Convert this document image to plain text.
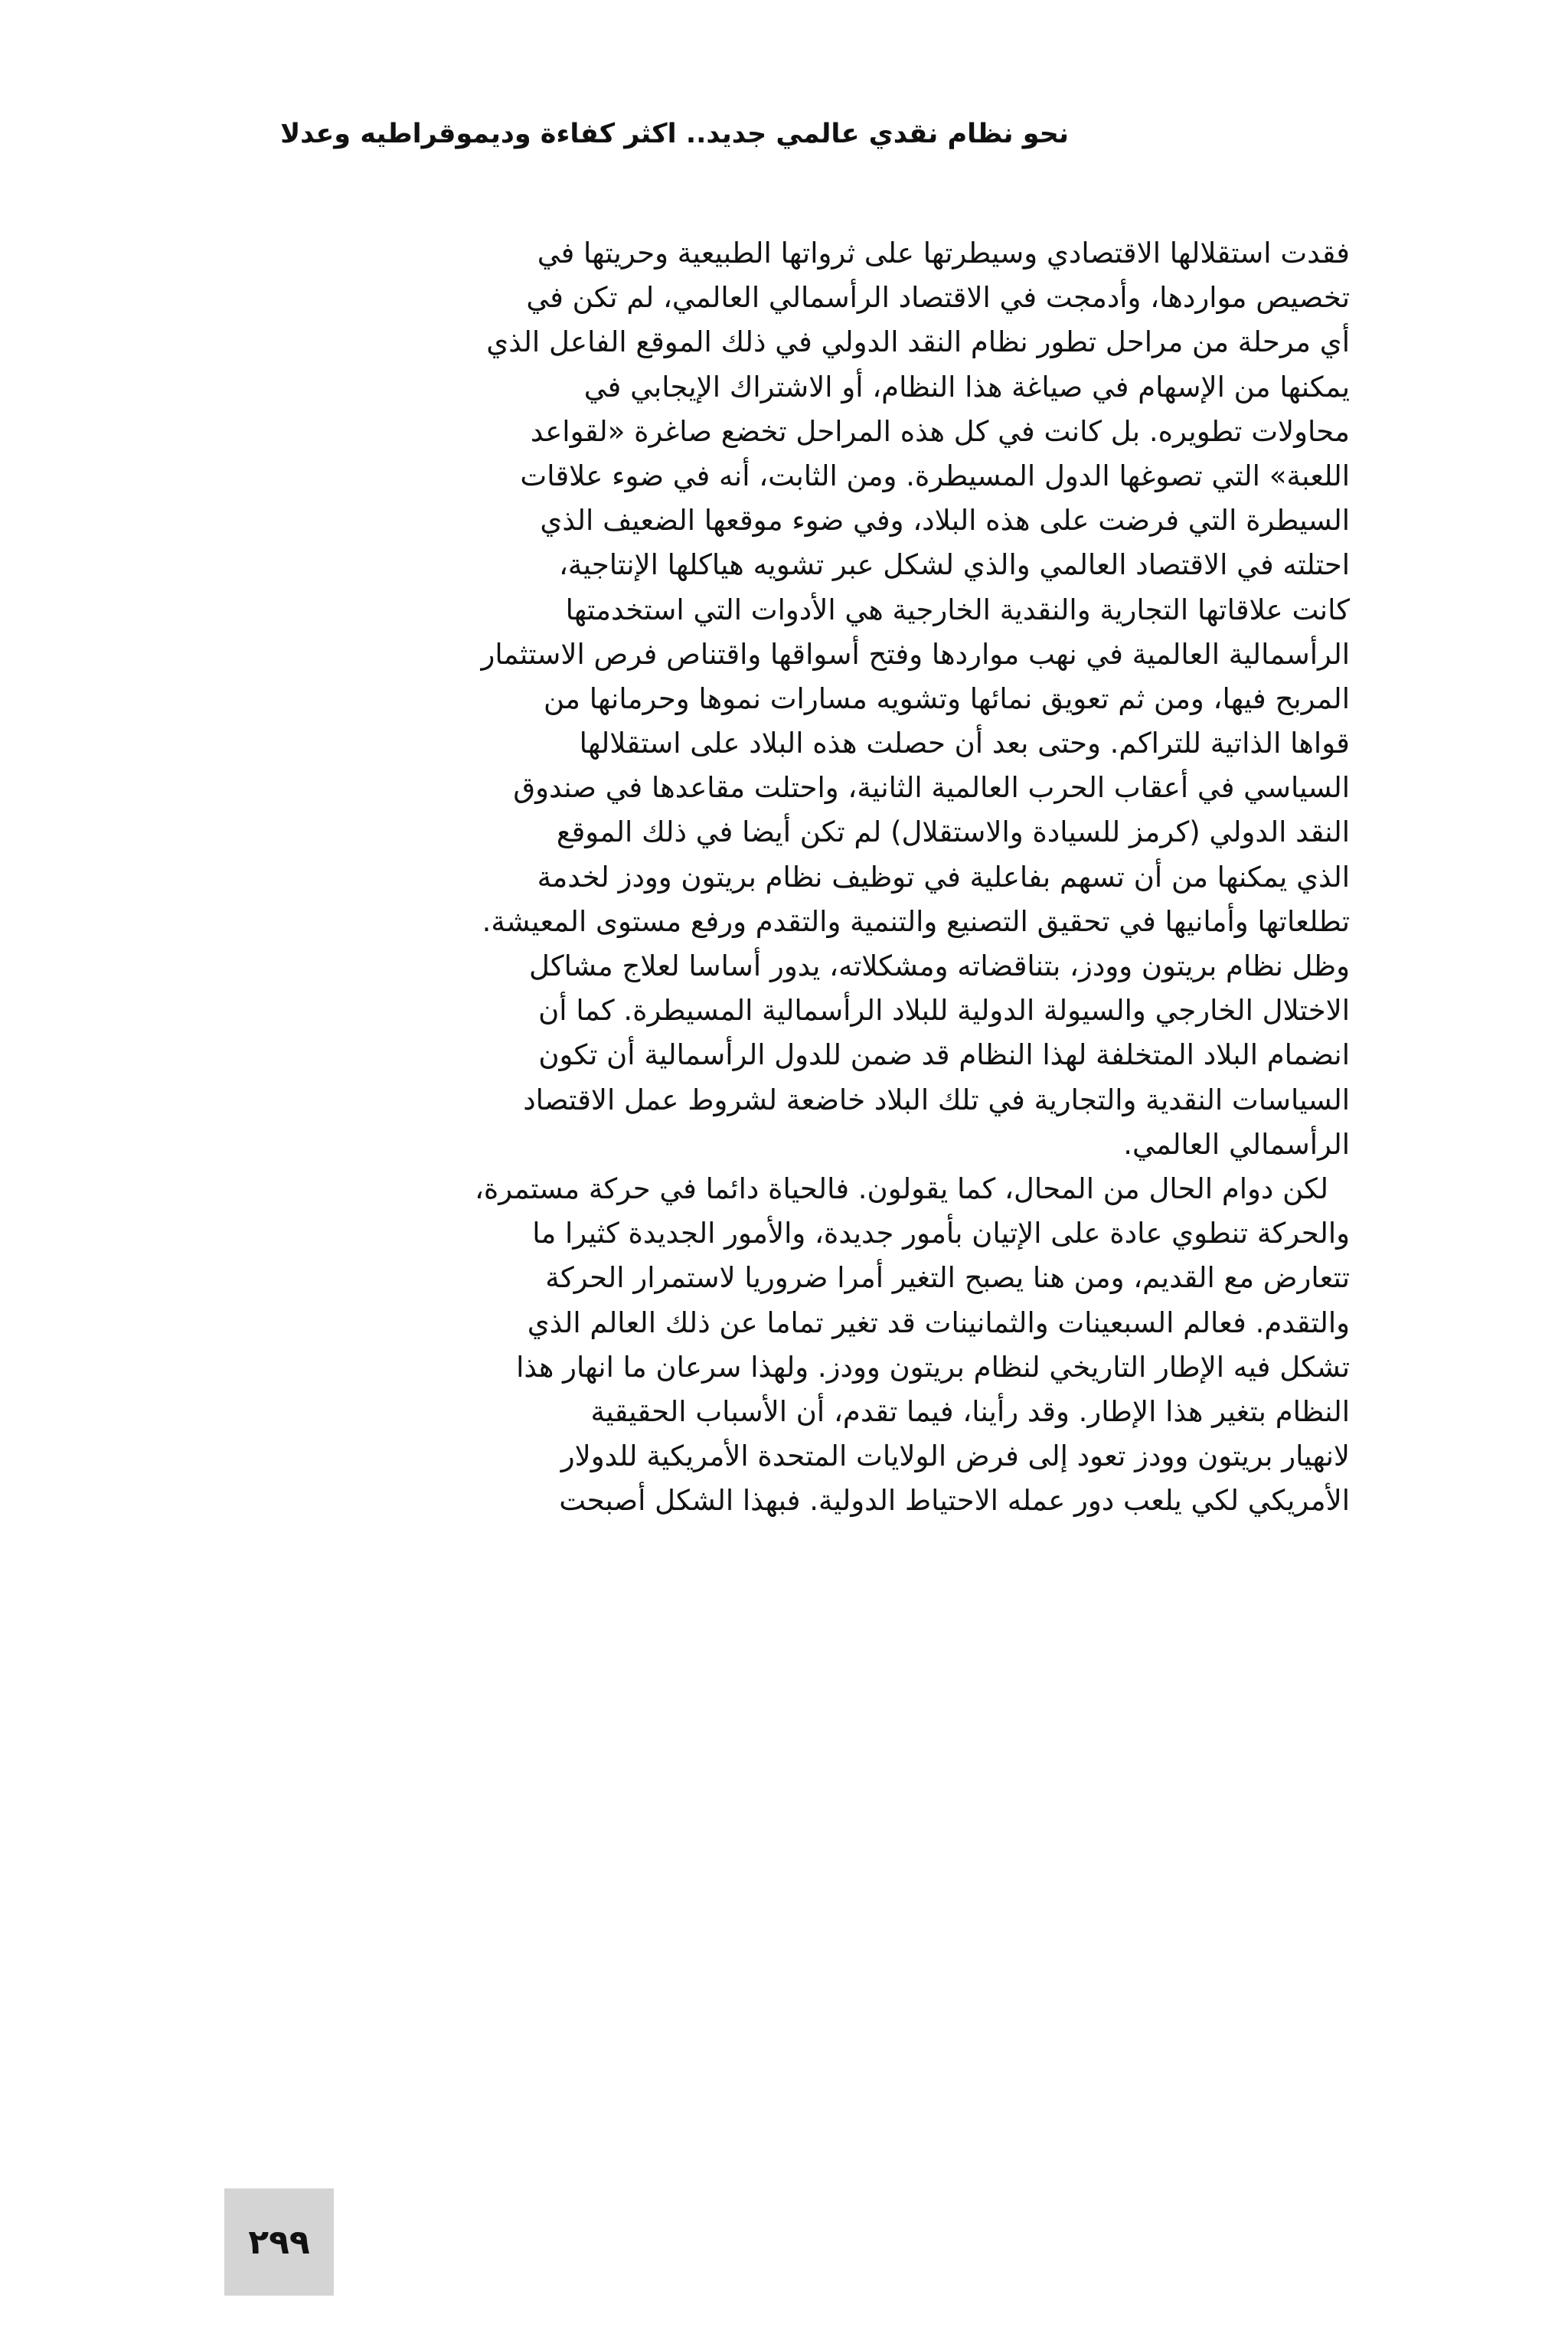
نحو نظام نقدي عالمي جديد.. اكثر كفاءة وديموقراطيه وعدلا
فقدت استقلالها الاقتصادي وسيطرتها على ثرواتها الطبيعية وحريتها في
تخصيص مواردها، وأدمجت في الاقتصاد الرأسمالي العالمي، لم تكن في
أي مرحلة من مراحل تطور نظام النقد الدولي في ذلك الموقع الفاعل الذي
يمكنها من الإسهام في صياغة هذا النظام، أو الاشتراك الإيجابي في
محاولات تطويره. بل كانت في كل هذه المراحل تخضع صاغرة «لقواعد
اللعبة» التي تصوغها الدول المسيطرة. ومن الثابت، أنه في ضوء علاقات
السيطرة التي فرضت على هذه البلاد، وفي ضوء موقعها الضعيف الذي
احتلته في الاقتصاد العالمي والذي لشكل عبر تشويه هياكلها الإنتاجية،
كانت علاقاتها التجارية والنقدية الخارجية هي الأدوات التي استخدمتها
الرأسمالية العالمية في نهب مواردها وفتح أسواقها واقتناص فرص الاستثمار
المربح فيها، ومن ثم تعويق نمائها وتشويه مسارات نموها وحرمانها من
قواها الذاتية للتراكم. وحتى بعد أن حصلت هذه البلاد على استقلالها
السياسي في أعقاب الحرب العالمية الثانية، واحتلت مقاعدها في صندوق
النقد الدولي (كرمز للسيادة والاستقلال) لم تكن أيضا في ذلك الموقع
الذي يمكنها من أن تسهم بفاعلية في توظيف نظام بريتون وودز لخدمة
تطلعاتها وأمانيها في تحقيق التصنيع والتنمية والتقدم ورفع مستوى المعيشة.
وظل نظام بريتون وودز، بتناقضاته ومشكلاته، يدور أساسا لعلاج مشاكل
الاختلال الخارجي والسيولة الدولية للبلاد الرأسمالية المسيطرة. كما أن
انضمام البلاد المتخلفة لهذا النظام قد ضمن للدول الرأسمالية أن تكون
السياسات النقدية والتجارية في تلك البلاد خاضعة لشروط عمل الاقتصاد
الرأسمالي العالمي.
لكن دوام الحال من المحال، كما يقولون. فالحياة دائما في حركة مستمرة،
والحركة تنطوي عادة على الإتيان بأمور جديدة، والأمور الجديدة كثيرا ما
تتعارض مع القديم، ومن هنا يصبح التغير أمرا ضروريا لاستمرار الحركة
والتقدم. فعالم السبعينات والثمانينات قد تغير تماما عن ذلك العالم الذي
تشكل فيه الإطار التاريخي لنظام بريتون وودز. ولهذا سرعان ما انهار هذا
النظام بتغير هذا الإطار. وقد رأينا، فيما تقدم، أن الأسباب الحقيقية
لانهيار بريتون وودز تعود إلى فرض الولايات المتحدة الأمريكية للدولار
الأمريكي لكي يلعب دور عمله الاحتياط الدولية. فبهذا الشكل أصبحت
٢٩٩
